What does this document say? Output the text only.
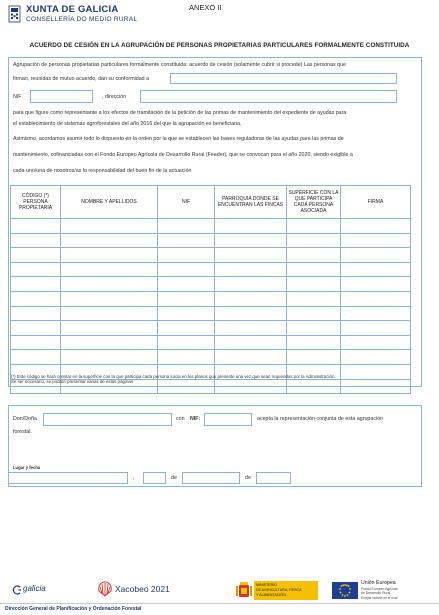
XUNTA DE GALICIA
CONSELLERÍA DO MEDIO RURAL
ANEXO II
ACUERDO DE CESIÓN EN LA AGRUPACIÓN DE PERSONAS PROPIETARIAS PARTICULARES FORMALMENTE CONSTITUIDA
Agrupación de personas propietarias particulares formalmente constituida: acuerdo de cesión (solamente cubrir si procede) Las personas que
firman, reunidas de mutuo acuerdo, dan su conformidad a
NIF	, dirección
para que figure como representante a los efectos de tramitación de la petición de las primas de mantenimiento del expediente de ayudas para
el establecimiento de sistemas agroforestales del año 2016 del que la agrupación es beneficiaria.
Asimismo, acordamos asumir todo lo dispuesto en la orden por la que se establecen las bases reguladoras de las ayudas para las primas de
mantenimiento, cofinanciadas con el Fondo Europeo Agrícola de Desarrollo Rural (Feader), que se convocan para el año 2020, siendo exigible a
cada uno/una de nosotros/as la responsabilidad del buen fin de la actuación
CÓDIGO (*) PERSONA PROPIETARIA	NOMBRE Y APELLIDOS	NIF	PARROQUIA DONDE SE ENCUENTRAN LAS FINCAS	SUPERFICIE CON LA QUE PARTICIPA CADA PERSONA ASOCIADA	FIRMA

(*) Este código se hará constar en la superficie con la que participa cada persona socia en los planos que presente una vez que sean requeridos por la Administración.
Se ser necesario, se podrán presentar varias de estas páginas
Don/Doña	con NIF:	acepta la representación conjunta de esta agrupación
forestal.
Lugar y fecha
,	de	de
galicia	Xacobeo 2021	MINISTERIO
DE AGRICULTURA, PESCA
Y ALIMENTACIÓN
Unión Europea
Fondo Europeo Agrícola
de Desarrollo Rural
Europa invierte en el rural
Dirección General de Planificación y Ordenación Forestal
